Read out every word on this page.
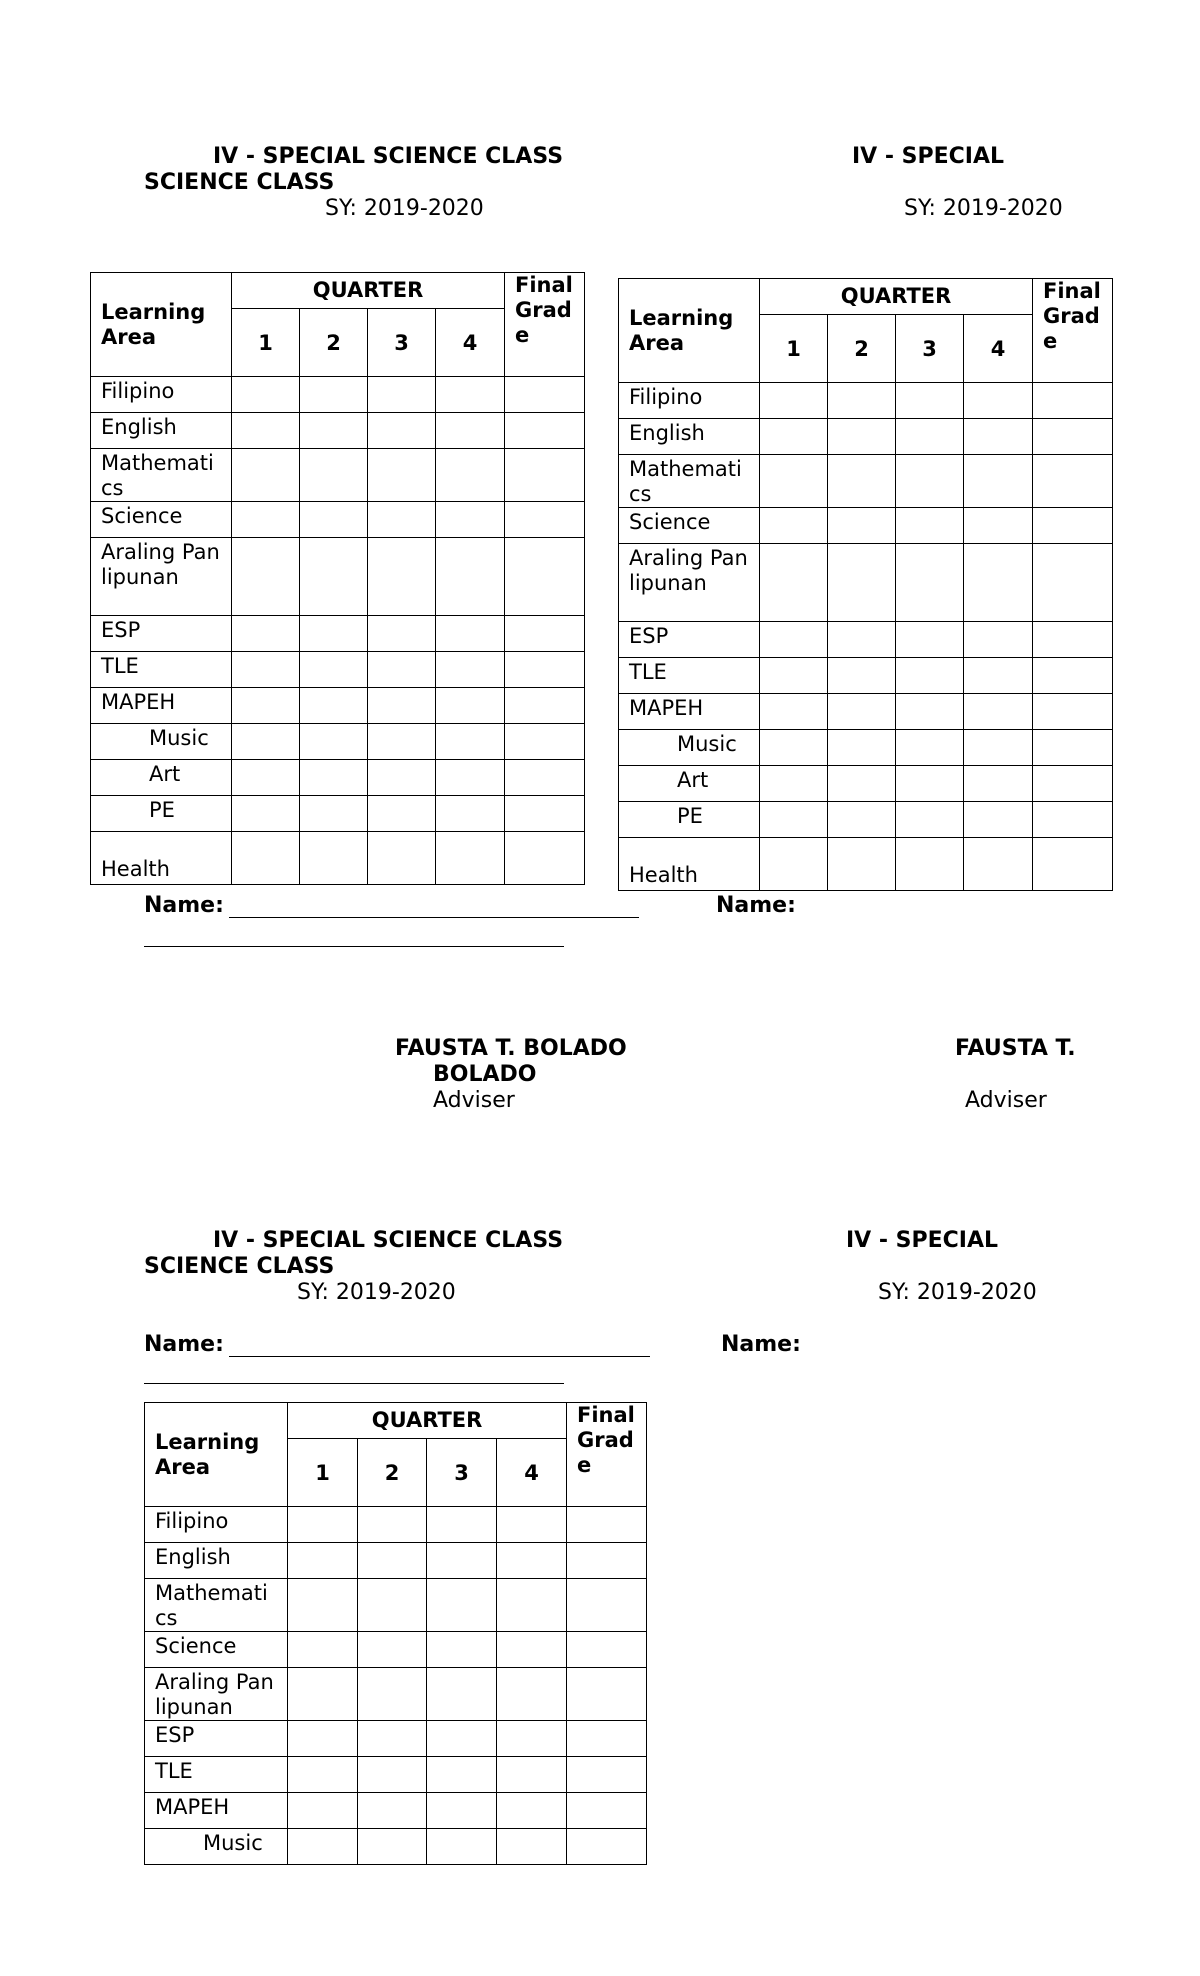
IV - SPECIAL SCIENCE CLASS	IV - SPECIAL
SCIENCE CLASS
SY: 2019-2020	SY: 2019-2020
Learning Area	QUARTER				Final Grade
	1	2	3	4	
Filipino					
English					
Mathematics					
Science					
Araling Panlipunan					
ESP					
TLE					
MAPEH					
Music					
Art					
PE					
Health					
Learning Area	QUARTER				Final Grade
	1	2	3	4	
Filipino					
English					
Mathematics					
Science					
Araling Panlipunan					
ESP					
TLE					
MAPEH					
Music					
Art					
PE					
Health					
Name:	Name:
FAUSTA T. BOLADO	FAUSTA T.
BOLADO
Adviser	Adviser
IV - SPECIAL SCIENCE CLASS	IV - SPECIAL
SCIENCE CLASS
SY: 2019-2020	SY: 2019-2020
Name:	Name:
Learning Area	QUARTER				Final Grade
	1	2	3	4	
Filipino					
English					
Mathematics					
Science					
Araling Panlipunan					
ESP					
TLE					
MAPEH					
Music					
